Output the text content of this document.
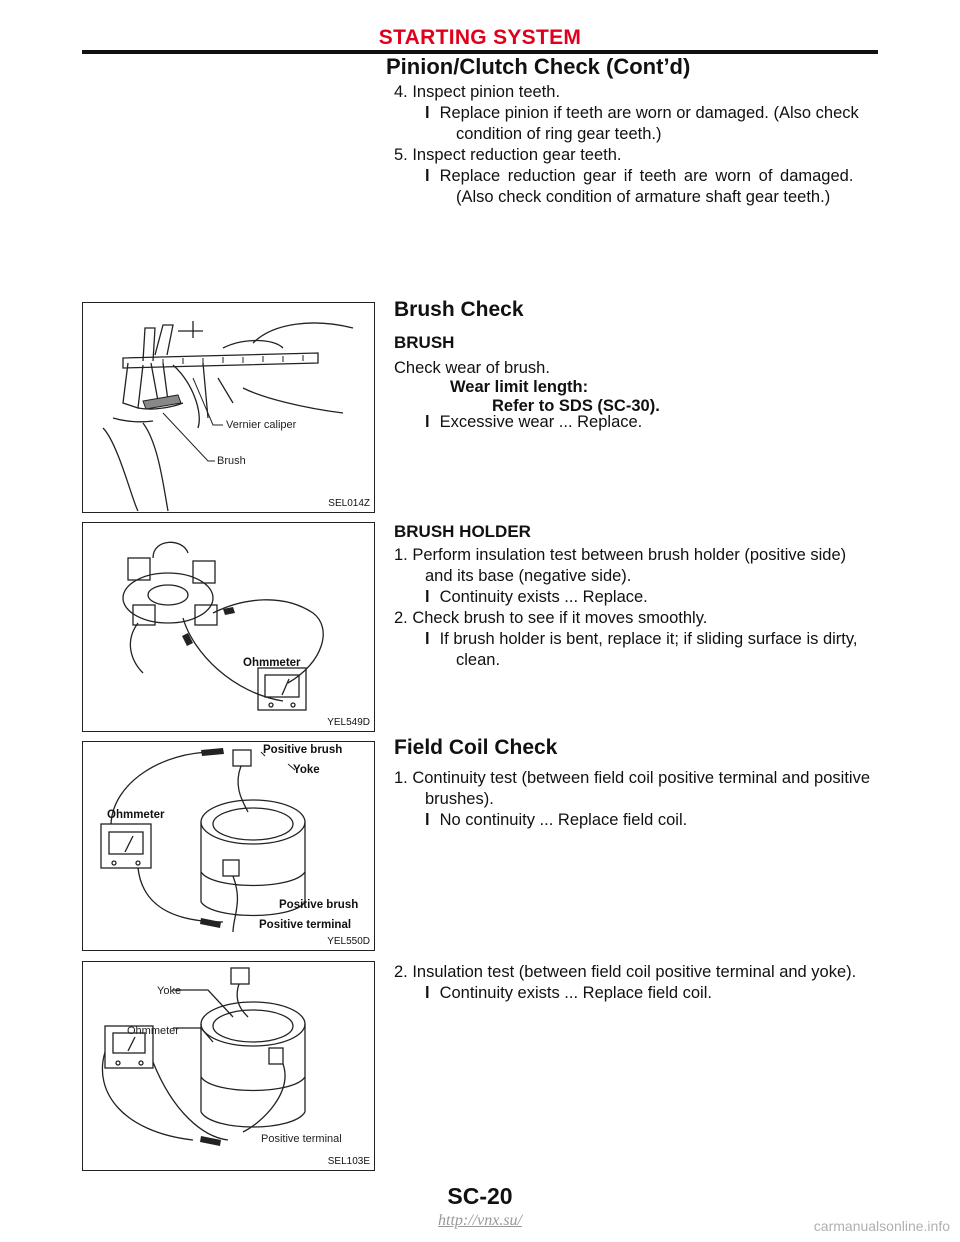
STARTING SYSTEM
Pinion/Clutch Check (Cont’d)
4. Inspect pinion teeth.
l Replace pinion if teeth are worn or damaged. (Also check
condition of ring gear teeth.)
5. Inspect reduction gear teeth.
l Replace reduction gear if teeth are worn of damaged.
(Also check condition of armature shaft gear teeth.)
Brush Check
BRUSH
Check wear of brush.
Wear limit length:
Refer to SDS (SC-30).
l Excessive wear ... Replace.
BRUSH HOLDER
1. Perform insulation test between brush holder (positive side)
and its base (negative side).
l Continuity exists ... Replace.
2. Check brush to see if it moves smoothly.
l If brush holder is bent, replace it; if sliding surface is dirty,
clean.
Field Coil Check
1. Continuity test (between field coil positive terminal and positive
brushes).
l No continuity ... Replace field coil.
2. Insulation test (between field coil positive terminal and yoke).
l Continuity exists ... Replace field coil.
Vernier caliper
Brush
SEL014Z
Ohmmeter
YEL549D
Positive brush
Yoke
Ohmmeter
Positive brush
Positive terminal
YEL550D
Yoke
Ohmmeter
Positive terminal
SEL103E
SC-20
http://vnx.su/	carmanualsonline.info
